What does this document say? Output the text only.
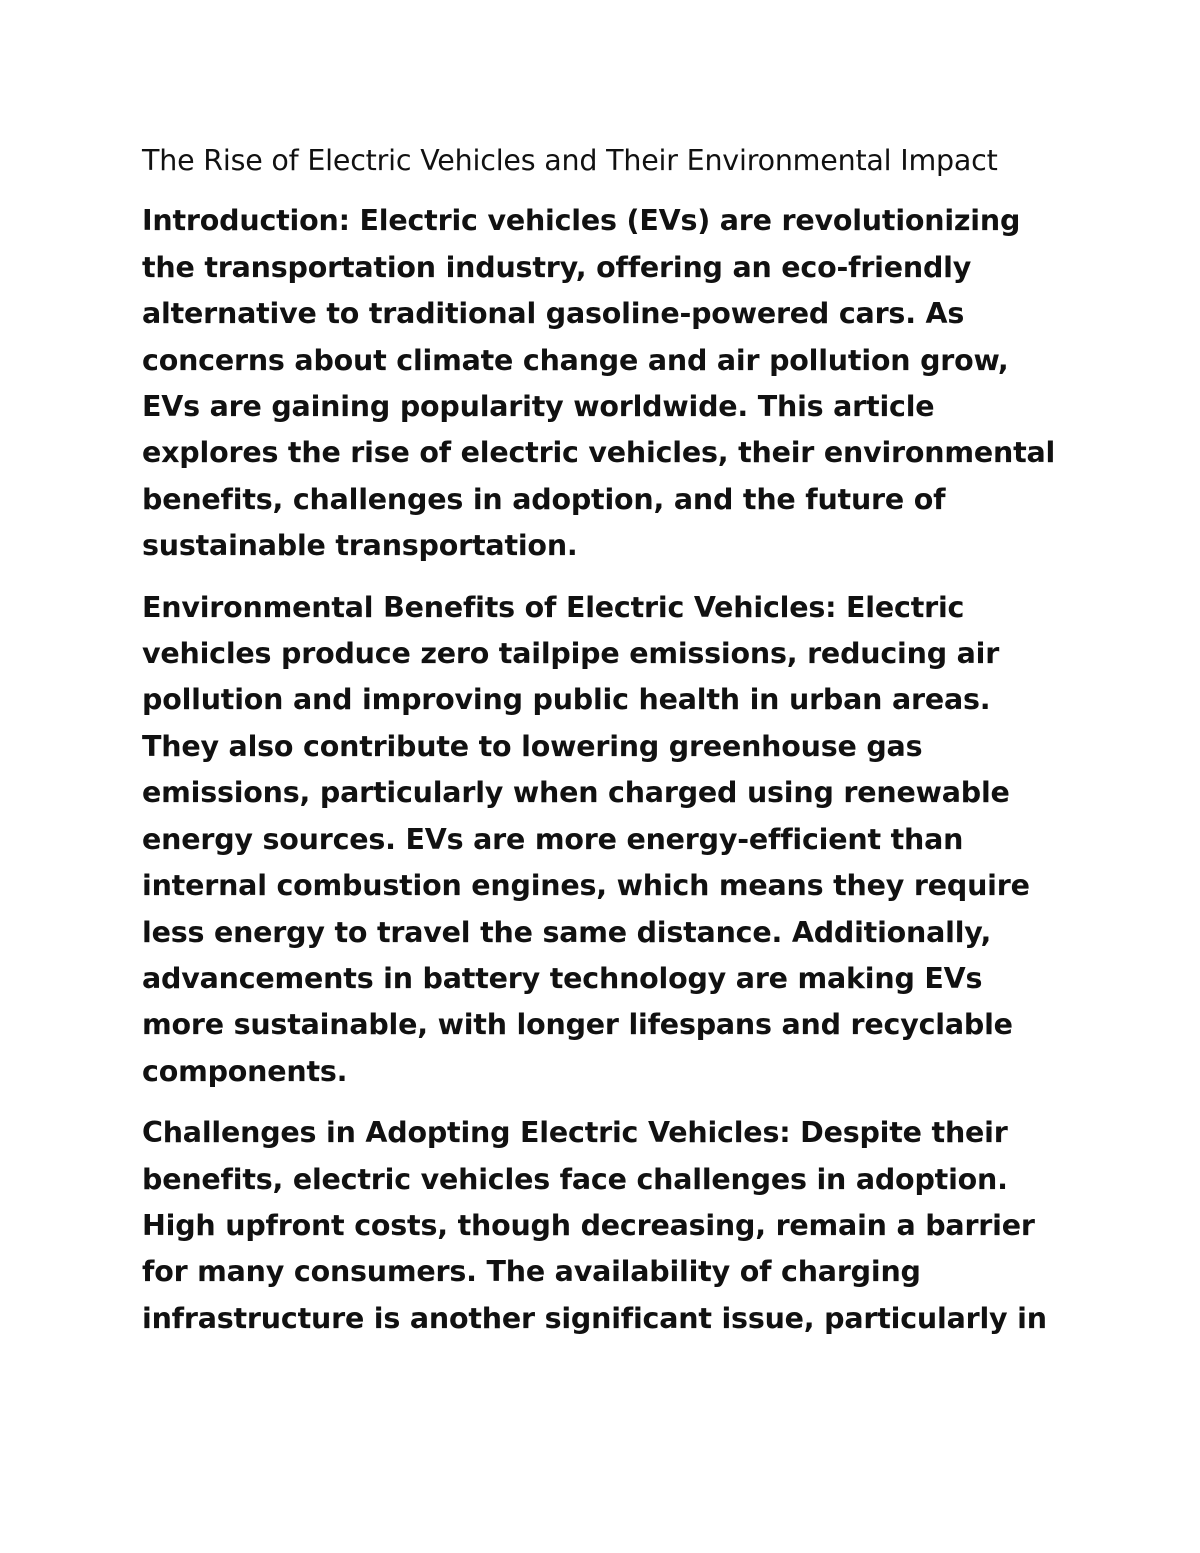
The Rise of Electric Vehicles and Their Environmental Impact

Introduction: Electric vehicles (EVs) are revolutionizing the transportation industry, offering an eco-friendly alternative to traditional gasoline-powered cars. As concerns about climate change and air pollution grow, EVs are gaining popularity worldwide. This article explores the rise of electric vehicles, their environmental benefits, challenges in adoption, and the future of sustainable transportation.

Environmental Benefits of Electric Vehicles: Electric vehicles produce zero tailpipe emissions, reducing air pollution and improving public health in urban areas. They also contribute to lowering greenhouse gas emissions, particularly when charged using renewable energy sources. EVs are more energy-efficient than internal combustion engines, which means they require less energy to travel the same distance. Additionally, advancements in battery technology are making EVs more sustainable, with longer lifespans and recyclable components.

Challenges in Adopting Electric Vehicles: Despite their benefits, electric vehicles face challenges in adoption. High upfront costs, though decreasing, remain a barrier for many consumers. The availability of charging infrastructure is another significant issue, particularly in
